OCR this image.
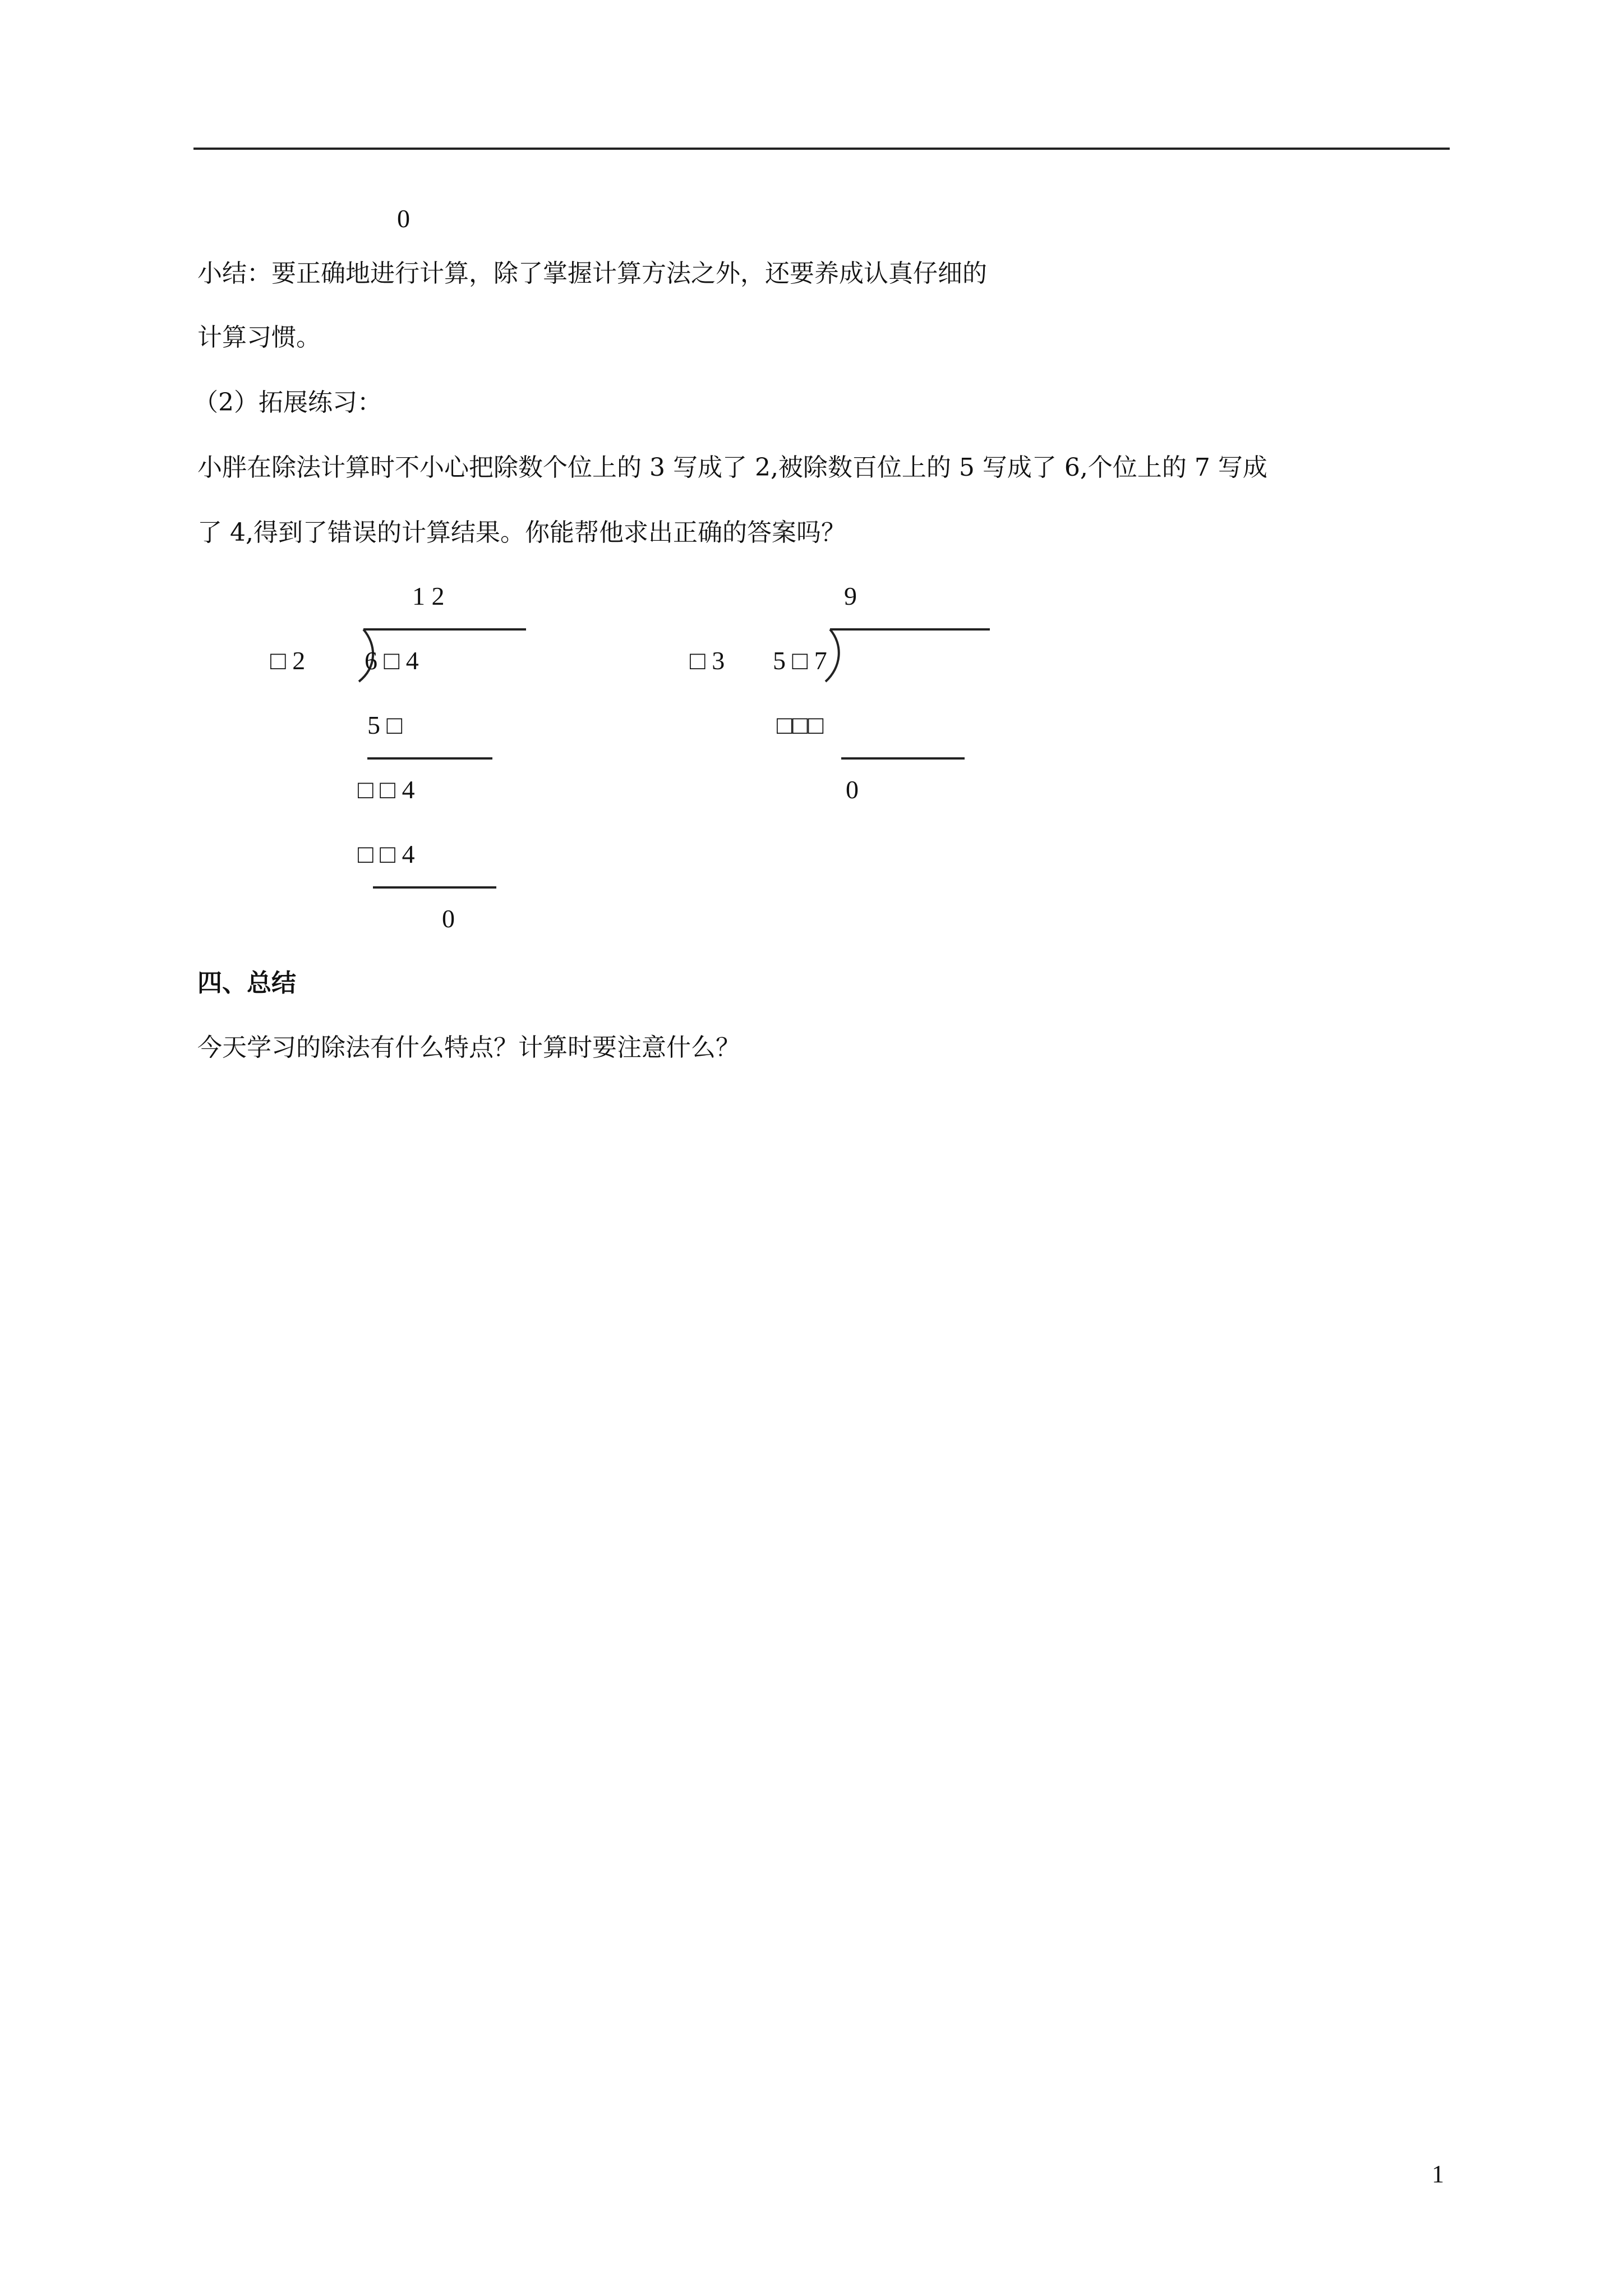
0
小结：要正确地进行计算，除了掌握计算方法之外，还要养成认真仔细的
计算习惯。
（2）拓展练习：
小胖在除法计算时不小心把除数个位上的 3 写成了 2,被除数百位上的 5 写成了 6,个位上的 7 写成
了 4,得到了错误的计算结果。你能帮他求出正确的答案吗？
1 2
□ 2 6 □ 4
5 □
□ □ 4
□ □ 4
0
9
□ 3 5 □ 7
□□□
0
四、总结
今天学习的除法有什么特点？计算时要注意什么？
1
